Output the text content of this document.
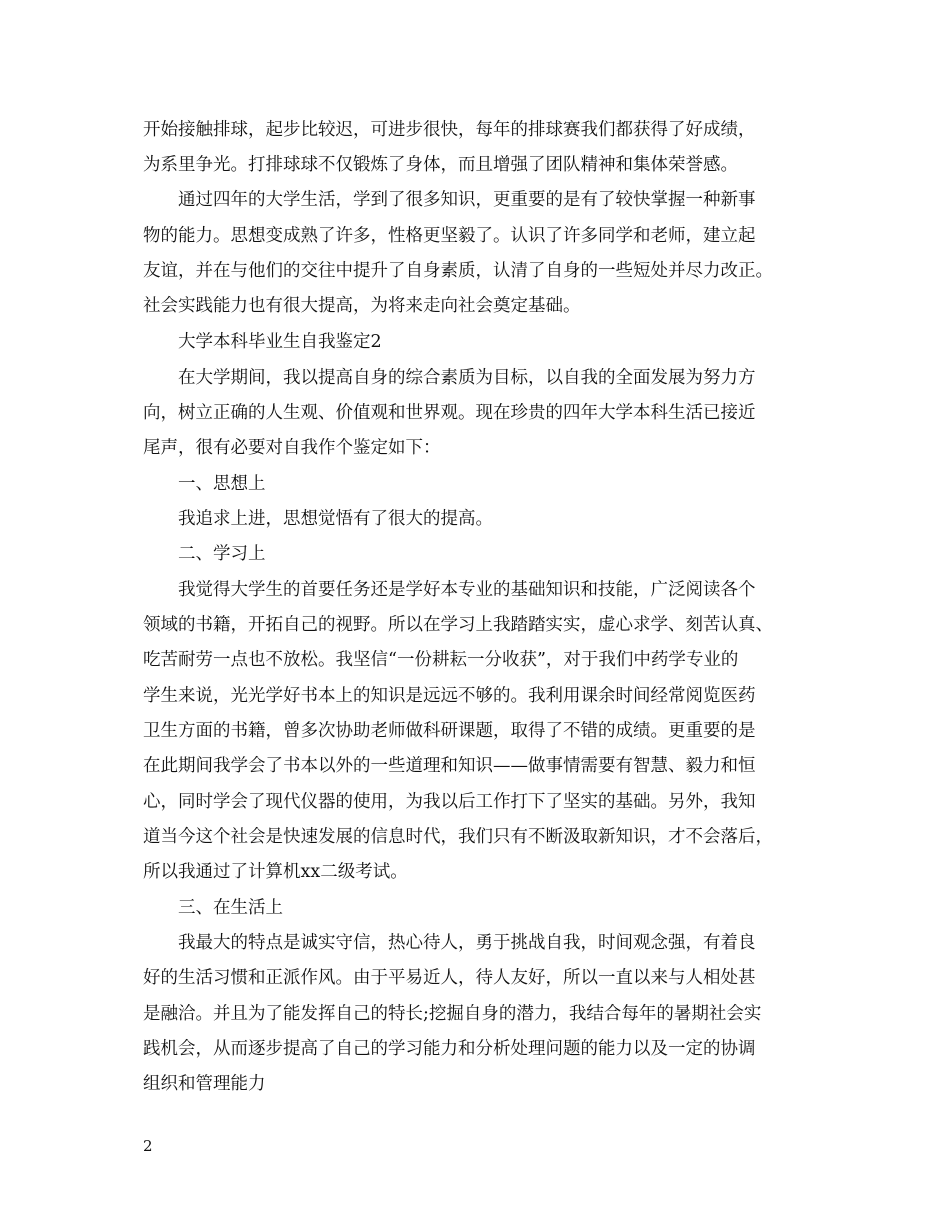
开始接触排球，起步比较迟，可进步很快，每年的排球赛我们都获得了好成绩，
为系里争光。打排球球不仅锻炼了身体，而且增强了团队精神和集体荣誉感。
通过四年的大学生活，学到了很多知识，更重要的是有了较快掌握一种新事
物的能力。思想变成熟了许多，性格更坚毅了。认识了许多同学和老师，建立起
友谊，并在与他们的交往中提升了自身素质，认清了自身的一些短处并尽力改正。
社会实践能力也有很大提高，为将来走向社会奠定基础。
大学本科毕业生自我鉴定2
在大学期间，我以提高自身的综合素质为目标，以自我的全面发展为努力方
向，树立正确的人生观、价值观和世界观。现在珍贵的四年大学本科生活已接近
尾声，很有必要对自我作个鉴定如下：
一、思想上
我追求上进，思想觉悟有了很大的提高。
二、学习上
我觉得大学生的首要任务还是学好本专业的基础知识和技能，广泛阅读各个
领域的书籍，开拓自己的视野。所以在学习上我踏踏实实，虚心求学、刻苦认真、
吃苦耐劳一点也不放松。我坚信“一份耕耘一分收获”，对于我们中药学专业的
学生来说，光光学好书本上的知识是远远不够的。我利用课余时间经常阅览医药
卫生方面的书籍，曾多次协助老师做科研课题，取得了不错的成绩。更重要的是
在此期间我学会了书本以外的一些道理和知识——做事情需要有智慧、毅力和恒
心，同时学会了现代仪器的使用，为我以后工作打下了坚实的基础。另外，我知
道当今这个社会是快速发展的信息时代，我们只有不断汲取新知识，才不会落后，
所以我通过了计算机xx二级考试。
三、在生活上
我最大的特点是诚实守信，热心待人，勇于挑战自我，时间观念强，有着良
好的生活习惯和正派作风。由于平易近人，待人友好，所以一直以来与人相处甚
是融洽。并且为了能发挥自己的特长;挖掘自身的潜力，我结合每年的暑期社会实
践机会，从而逐步提高了自己的学习能力和分析处理问题的能力以及一定的协调
组织和管理能力
2
